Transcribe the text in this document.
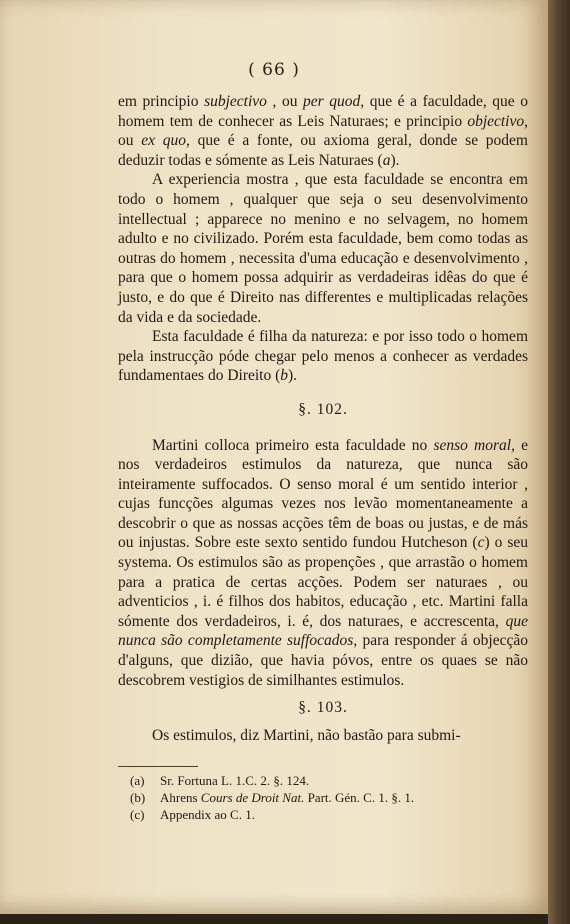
( 66 )

em principio subjectivo , ou per quod, que é a faculdade, que o homem tem de conhecer as Leis Naturaes; e principio objectivo, ou ex quo, que é a fonte, ou axioma geral, donde se podem deduzir todas e sómente as Leis Naturaes (a).

A experiencia mostra , que esta faculdade se encontra em todo o homem , qualquer que seja o seu desenvolvimento intellectual ; apparece no menino e no selvagem, no homem adulto e no civilizado. Porém esta faculdade, bem como todas as outras do homem , necessita d'uma educação e desenvolvimento , para que o homem possa adquirir as verdadeiras idêas do que é justo, e do que é Direito nas differentes e multiplicadas relações da vida e da sociedade.

Esta faculdade é filha da natureza: e por isso todo o homem pela instrucção póde chegar pelo menos a conhecer as verdades fundamentaes do Direito (b).

§. 102.

Martini colloca primeiro esta faculdade no senso moral, e nos verdadeiros estimulos da natureza, que nunca são inteiramente suffocados. O senso moral é um sentido interior , cujas funcções algumas vezes nos levão momentaneamente a descobrir o que as nossas acções têm de boas ou justas, e de más ou injustas. Sobre este sexto sentido fundou Hutcheson (c) o seu systema. Os estimulos são as propenções , que arrastão o homem para a pratica de certas acções. Podem ser naturaes , ou adventicios , i. é filhos dos habitos, educação , etc. Martini falla sómente dos verdadeiros, i. é, dos naturaes, e accrescenta, que nunca são completamente suffocados, para responder á objecção d'alguns, que dizião, que havia póvos, entre os quaes se não descobrem vestigios de similhantes estimulos.

§. 103.

Os estimulos, diz Martini, não bastão para submi-

(a) Sr. Fortuna L. 1.C. 2. §. 124.
(b) Ahrens Cours de Droit Nat. Part. Gén. C. 1. §. 1.
(c) Appendix ao C. 1.
